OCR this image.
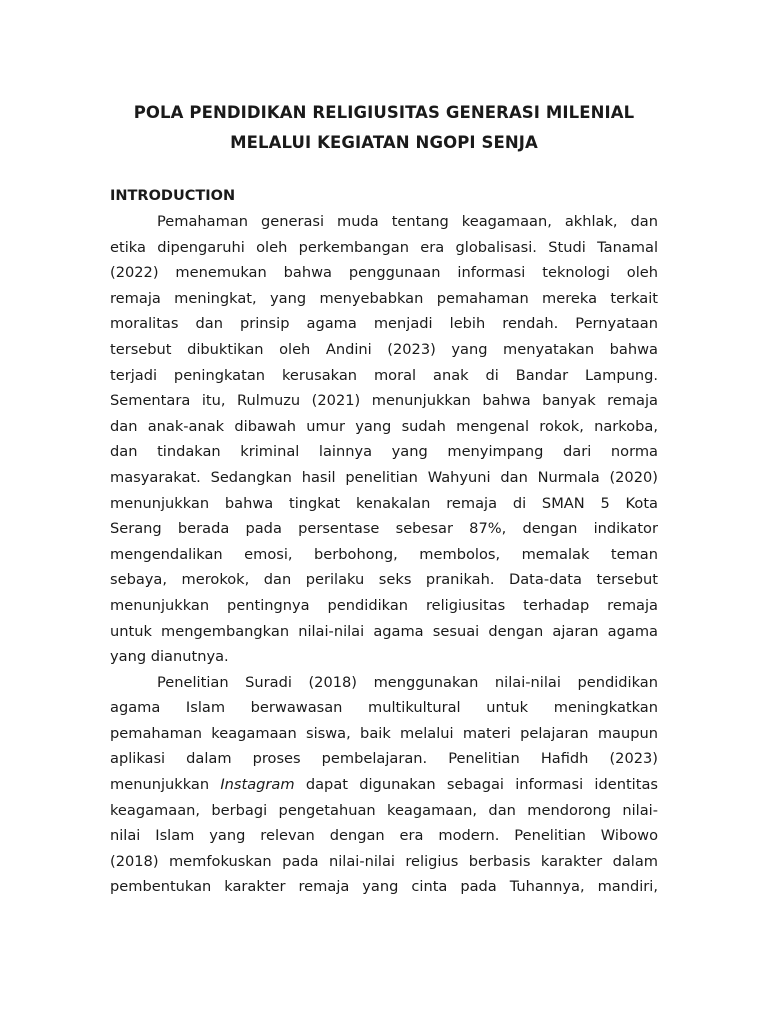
POLA PENDIDIKAN RELIGIUSITAS GENERASI MILENIAL
MELALUI KEGIATAN NGOPI SENJA
INTRODUCTION
Pemahaman generasi muda tentang keagamaan, akhlak, dan
etika dipengaruhi oleh perkembangan era globalisasi. Studi Tanamal
(2022) menemukan bahwa penggunaan informasi teknologi oleh
remaja meningkat, yang menyebabkan pemahaman mereka terkait
moralitas dan prinsip agama menjadi lebih rendah. Pernyataan
tersebut dibuktikan oleh Andini (2023) yang menyatakan bahwa
terjadi peningkatan kerusakan moral anak di Bandar Lampung.
Sementara itu, Rulmuzu (2021) menunjukkan bahwa banyak remaja
dan anak-anak dibawah umur yang sudah mengenal rokok, narkoba,
dan tindakan kriminal lainnya yang menyimpang dari norma
masyarakat. Sedangkan hasil penelitian Wahyuni dan Nurmala (2020)
menunjukkan bahwa tingkat kenakalan remaja di SMAN 5 Kota
Serang berada pada persentase sebesar 87%, dengan indikator
mengendalikan emosi, berbohong, membolos, memalak teman
sebaya, merokok, dan perilaku seks pranikah. Data-data tersebut
menunjukkan pentingnya pendidikan religiusitas terhadap remaja
untuk mengembangkan nilai-nilai agama sesuai dengan ajaran agama
yang dianutnya.
Penelitian Suradi (2018) menggunakan nilai-nilai pendidikan
agama Islam berwawasan multikultural untuk meningkatkan
pemahaman keagamaan siswa, baik melalui materi pelajaran maupun
aplikasi dalam proses pembelajaran. Penelitian Hafidh (2023)
menunjukkan Instagram dapat digunakan sebagai informasi identitas
keagamaan, berbagi pengetahuan keagamaan, dan mendorong nilai-
nilai Islam yang relevan dengan era modern. Penelitian Wibowo
(2018) memfokuskan pada nilai-nilai religius berbasis karakter dalam
pembentukan karakter remaja yang cinta pada Tuhannya, mandiri,
